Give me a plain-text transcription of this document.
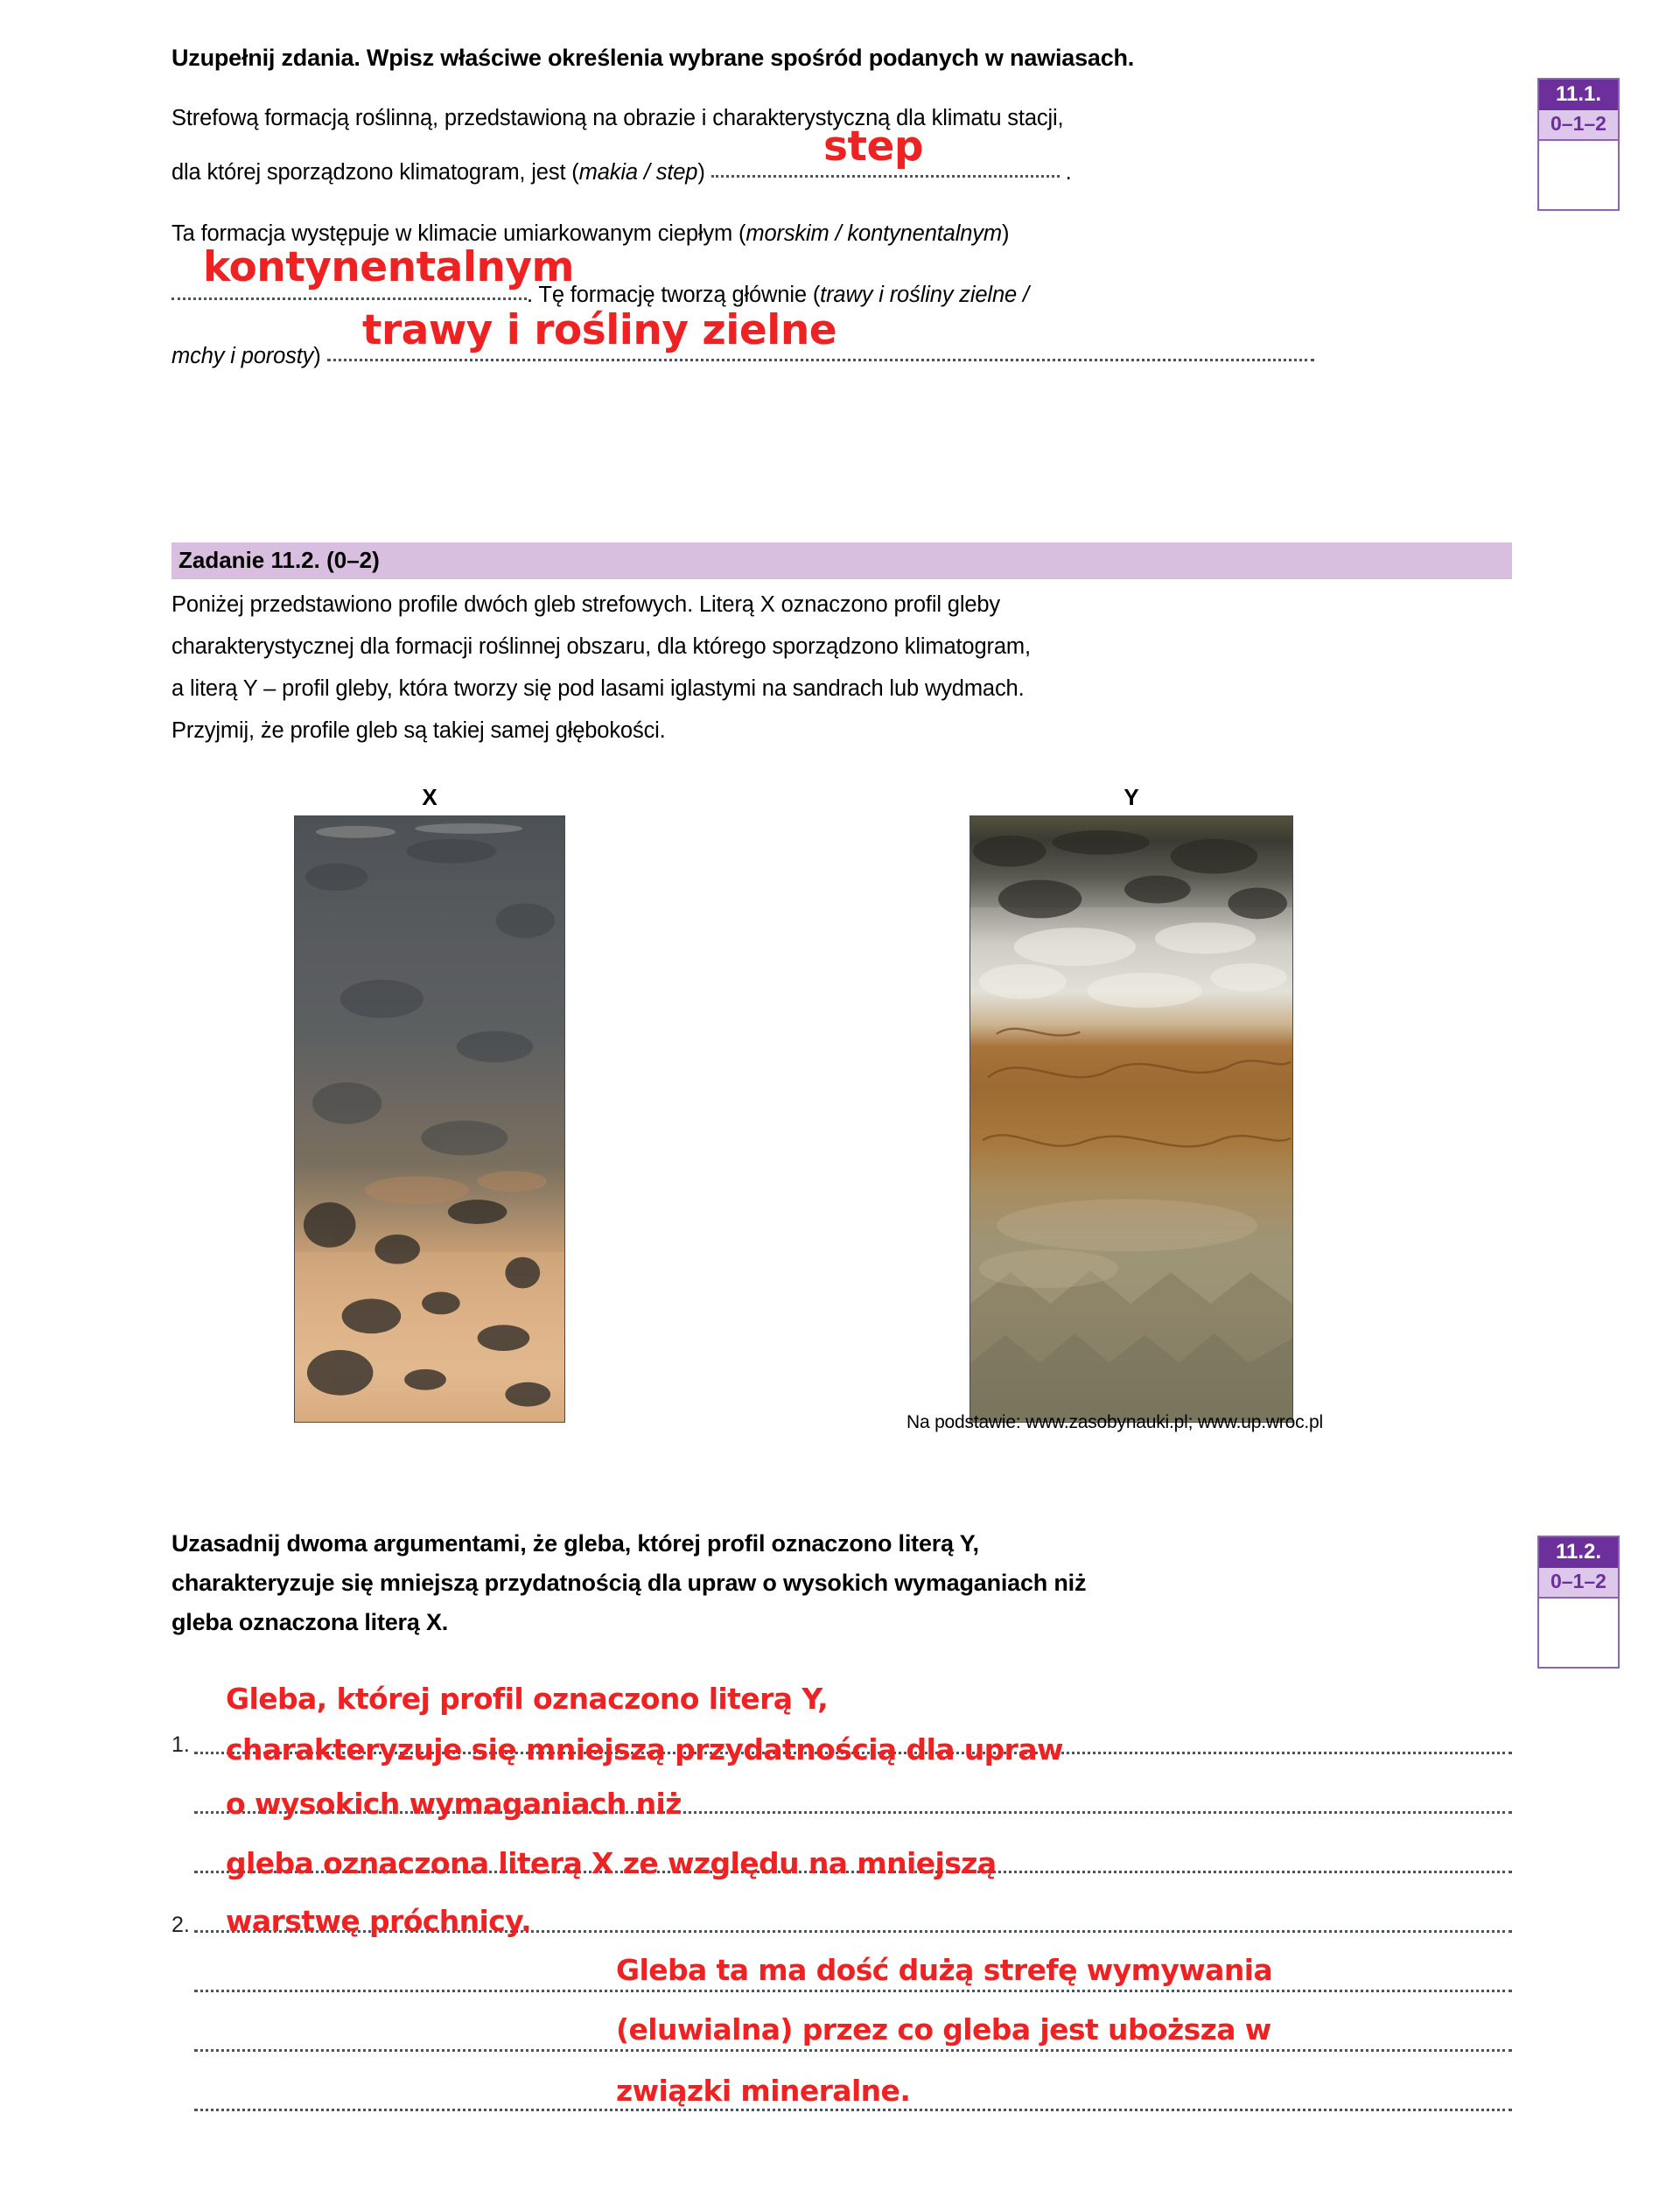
Uzupełnij zdania. Wpisz właściwe określenia wybrane spośród podanych w nawiasach.
Strefową formacją roślinną, przedstawioną na obrazie i charakterystyczną dla klimatu stacji,
dla której sporządzono klimatogram, jest (makia / step)	.
step
Ta formacja występuje w klimacie umiarkowanym ciepłym (morskim / kontynentalnym)
. Tę formację tworzą głównie (trawy i rośliny zielne /
kontynentalnym
mchy i porosty)
trawy i rośliny zielne
11.1.
0–1–2
Zadanie 11.2. (0–2)
Poniżej przedstawiono profile dwóch gleb strefowych. Literą X oznaczono profil gleby
charakterystycznej dla formacji roślinnej obszaru, dla którego sporządzono klimatogram,
a literą Y – profil gleby, która tworzy się pod lasami iglastymi na sandrach lub wydmach.
Przyjmij, że profile gleb są takiej samej głębokości.
X	Y
Na podstawie: www.zasobynauki.pl; www.up.wroc.pl
Uzasadnij dwoma argumentami, że gleba, której profil oznaczono literą Y,
charakteryzuje się mniejszą przydatnością dla upraw o wysokich wymaganiach niż
gleba oznaczona literą X.
1.
Gleba, której profil oznaczono literą Y,
charakteryzuje się mniejszą przydatnością dla upraw
o wysokich wymaganiach niż
gleba oznaczona literą X ze względu na mniejszą
warstwę próchnicy.
2.
Gleba ta ma dość dużą strefę wymywania
(eluwialna) przez co gleba jest uboższa w
związki mineralne.
11.2.
0–1–2
